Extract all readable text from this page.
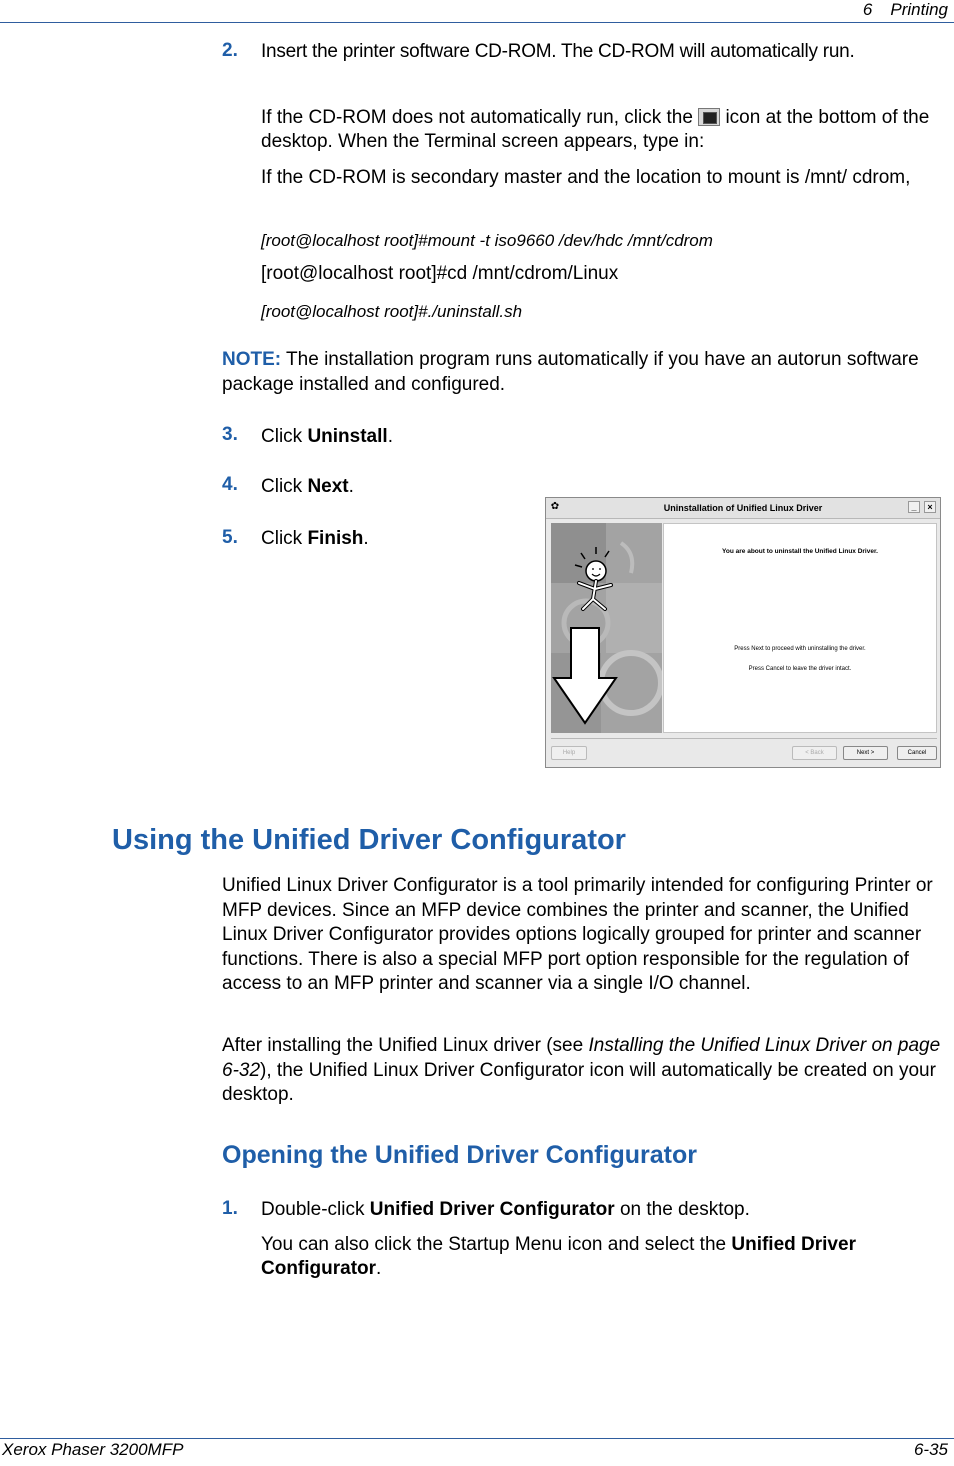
6 Printing
2. Insert the printer software CD-ROM. The CD-ROM will automatically run.
If the CD-ROM does not automatically run, click the icon at the bottom of the desktop. When the Terminal screen appears, type in:
If the CD-ROM is secondary master and the location to mount is /mnt/ cdrom,
[root@localhost root]#mount -t iso9660 /dev/hdc /mnt/cdrom
[root@localhost root]#cd /mnt/cdrom/Linux
[root@localhost root]#./uninstall.sh
NOTE: The installation program runs automatically if you have an autorun software package installed and configured.
3. Click Uninstall.
4. Click Next.
5. Click Finish.
✿	Uninstallation of Unified Linux Driver	_	×
You are about to uninstall the Unified Linux Driver.
Press Next to proceed with uninstalling the driver.
Press Cancel to leave the driver intact.
Help	< Back	Next >	Cancel
Using the Unified Driver Configurator
Unified Linux Driver Configurator is a tool primarily intended for configuring Printer or MFP devices. Since an MFP device combines the printer and scanner, the Unified Linux Driver Configurator provides options logically grouped for printer and scanner functions. There is also a special MFP port option responsible for the regulation of access to an MFP printer and scanner via a single I/O channel.
After installing the Unified Linux driver (see Installing the Unified Linux Driver on page 6-32), the Unified Linux Driver Configurator icon will automatically be created on your desktop.
Opening the Unified Driver Configurator
1. Double-click Unified Driver Configurator on the desktop.
You can also click the Startup Menu icon and select the Unified Driver Configurator.
Xerox Phaser 3200MFP	6-35
